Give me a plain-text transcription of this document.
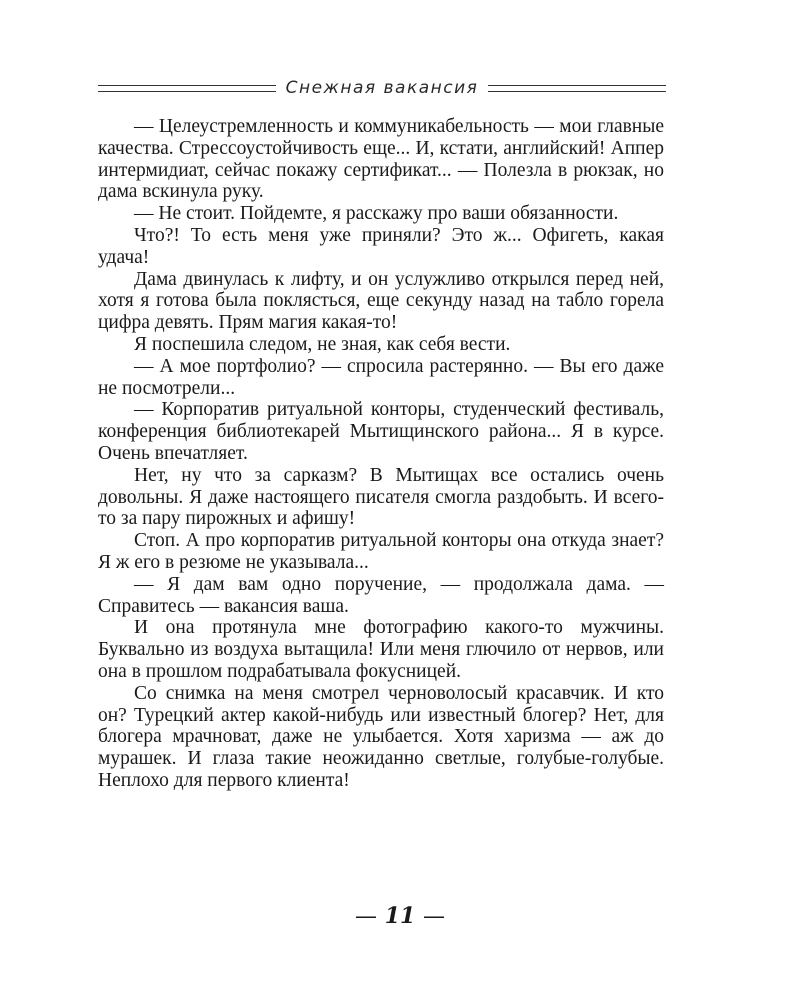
Снежная вакансия

— Целеустремленность и коммуникабельность — мои главные качества. Стрессоустойчивость еще... И, кстати, английский! Аппер интермидиат, сейчас покажу сертификат... — Полезла в рюкзак, но дама вскинула руку.

— Не стоит. Пойдемте, я расскажу про ваши обязанности.

Что?! То есть меня уже приняли? Это ж... Офигеть, какая удача!

Дама двинулась к лифту, и он услужливо открылся перед ней, хотя я готова была поклясться, еще секунду назад на табло горела цифра девять. Прям магия какая-то!

Я поспешила следом, не зная, как себя вести.

— А мое портфолио? — спросила растерянно. — Вы его даже не посмотрели...

— Корпоратив ритуальной конторы, студенческий фестиваль, конференция библиотекарей Мытищинского района... Я в курсе. Очень впечатляет.

Нет, ну что за сарказм? В Мытищах все остались очень довольны. Я даже настоящего писателя смогла раздобыть. И всего-то за пару пирожных и афишу!

Стоп. А про корпоратив ритуальной конторы она откуда знает? Я ж его в резюме не указывала...

— Я дам вам одно поручение, — продолжала дама. — Справитесь — вакансия ваша.

И она протянула мне фотографию какого-то мужчины. Буквально из воздуха вытащила! Или меня глючило от нервов, или она в прошлом подрабатывала фокусницей.

Со снимка на меня смотрел черноволосый красавчик. И кто он? Турецкий актер какой-нибудь или известный блогер? Нет, для блогера мрачноват, даже не улыбается. Хотя харизма — аж до мурашек. И глаза такие неожиданно светлые, голубые-голубые. Неплохо для первого клиента!

— 11 —
